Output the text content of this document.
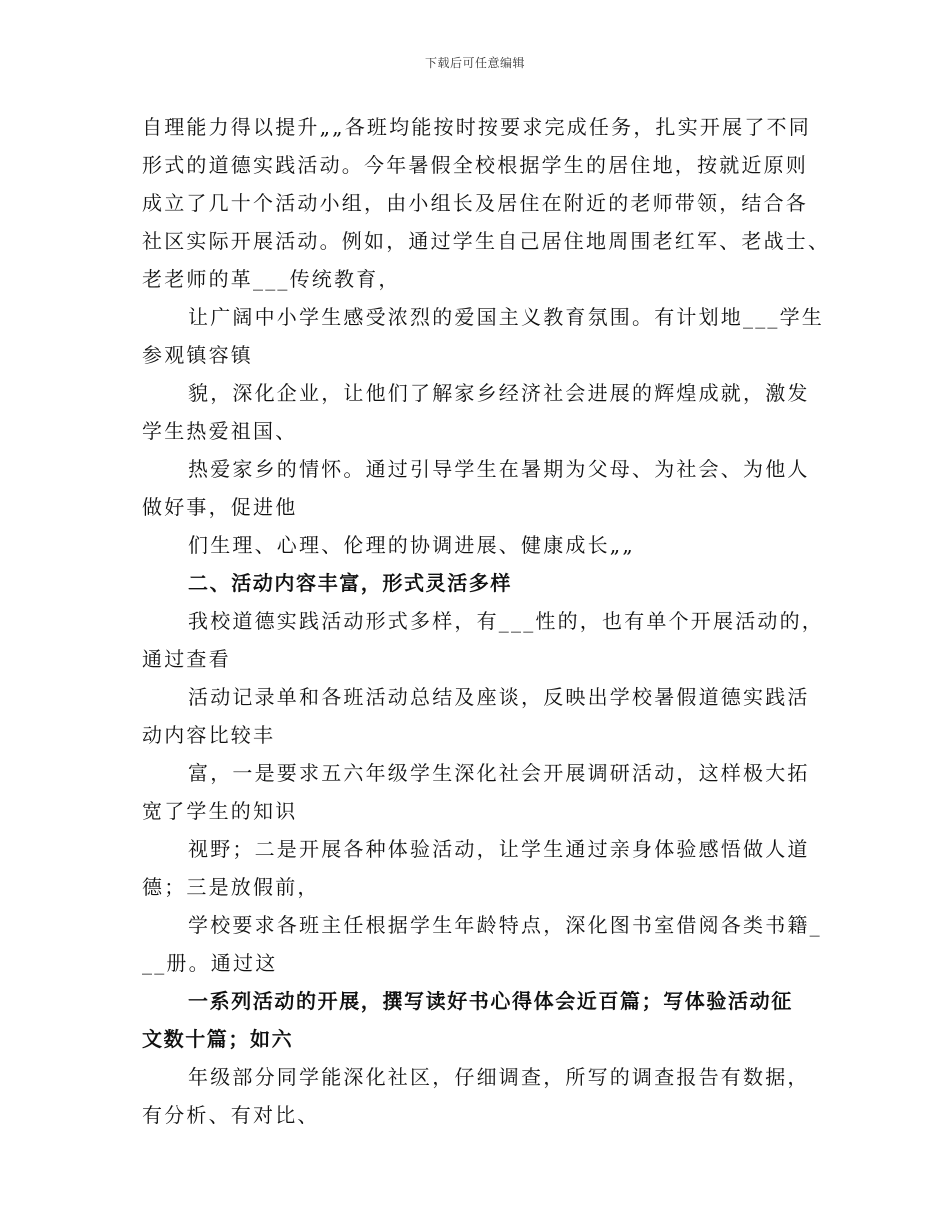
下载后可任意编辑
自理能力得以提升„„各班均能按时按要求完成任务，扎实开展了不同
形式的道德实践活动。今年暑假全校根据学生的居住地，按就近原则
成立了几十个活动小组，由小组长及居住在附近的老师带领，结合各
社区实际开展活动。例如，通过学生自己居住地周围老红军、老战士、
老老师的革___传统教育，
让广阔中小学生感受浓烈的爱国主义教育氛围。有计划地___学生
参观镇容镇
貌，深化企业，让他们了解家乡经济社会进展的辉煌成就，激发
学生热爱祖国、
热爱家乡的情怀。通过引导学生在暑期为父母、为社会、为他人
做好事，促进他
们生理、心理、伦理的协调进展、健康成长„„
二、活动内容丰富，形式灵活多样
我校道德实践活动形式多样，有___性的，也有单个开展活动的，
通过查看
活动记录单和各班活动总结及座谈，反映出学校暑假道德实践活
动内容比较丰
富，一是要求五六年级学生深化社会开展调研活动，这样极大拓
宽了学生的知识
视野；二是开展各种体验活动，让学生通过亲身体验感悟做人道
德；三是放假前，
学校要求各班主任根据学生年龄特点，深化图书室借阅各类书籍_
__册。通过这
一系列活动的开展，撰写读好书心得体会近百篇；写体验活动征
文数十篇；如六
年级部分同学能深化社区，仔细调查，所写的调查报告有数据，
有分析、有对比、
